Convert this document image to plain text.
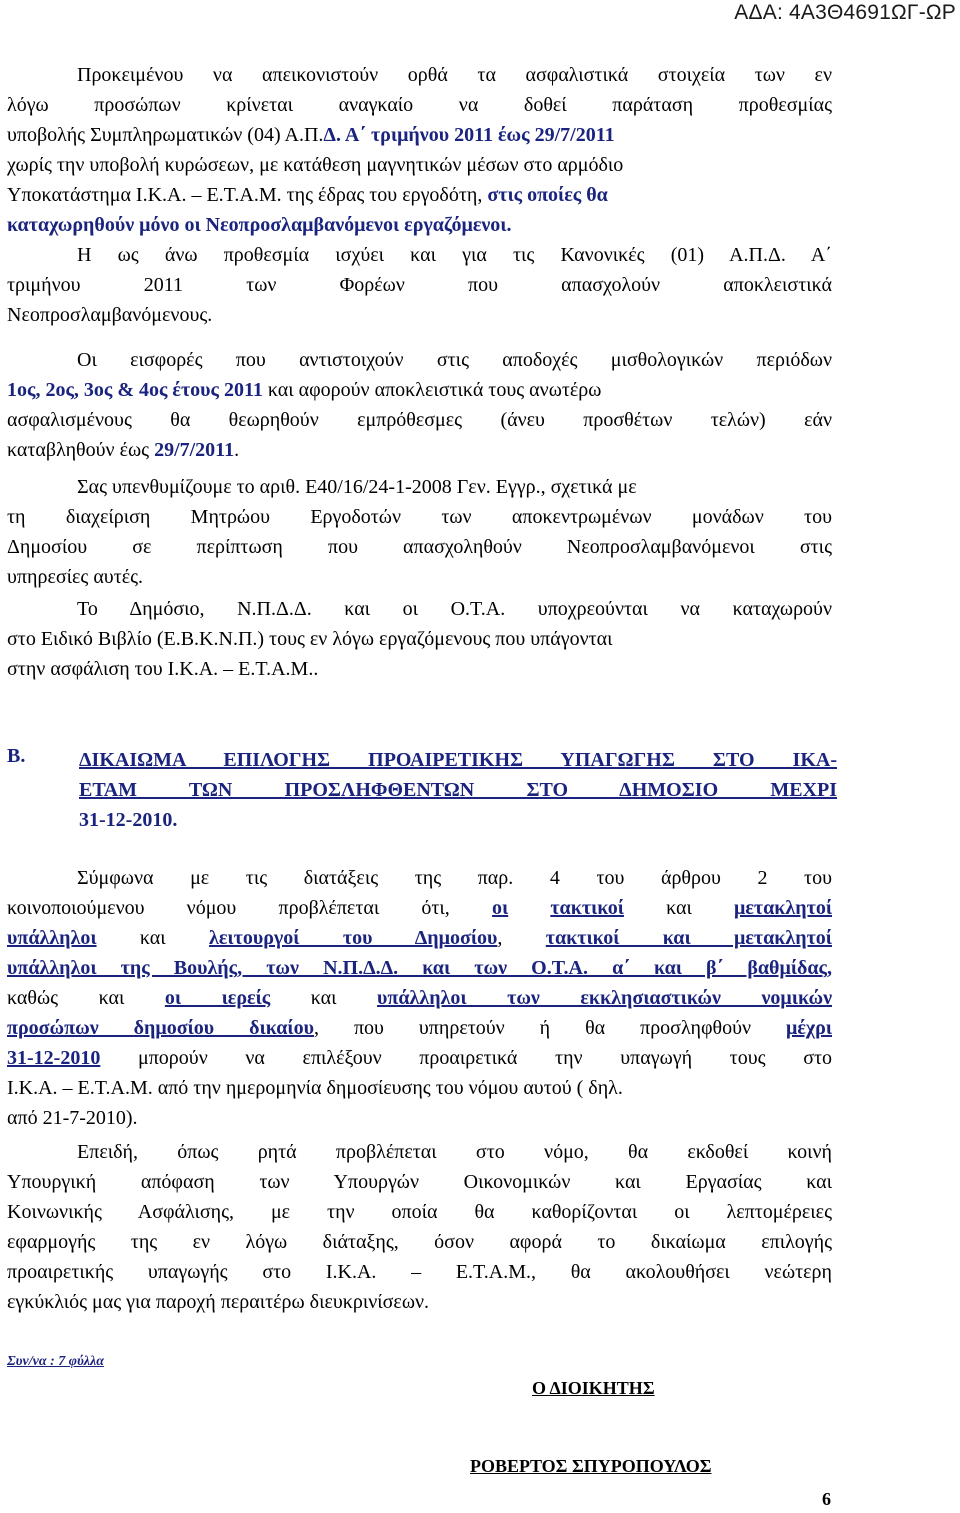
ΑΔΑ: 4Α3Θ4691ΩΓ-ΩΡ
Προκειμένου να απεικονιστούν ορθά τα ασφαλιστικά στοιχεία των εν
λόγω προσώπων κρίνεται αναγκαίο να δοθεί παράταση προθεσμίας
υποβολής Συμπληρωματικών (04) Α.Π.Δ. Α΄ τριμήνου 2011 έως 29/7/2011
χωρίς την υποβολή κυρώσεων, με κατάθεση μαγνητικών μέσων στο αρμόδιο
Υποκατάστημα Ι.Κ.Α. – Ε.Τ.Α.Μ. της έδρας του εργοδότη, στις οποίες θα
καταχωρηθούν μόνο οι Νεοπροσλαμβανόμενοι εργαζόμενοι.
Η ως άνω προθεσμία ισχύει και για τις Κανονικές (01) Α.Π.Δ. Α΄
τριμήνου 2011 των Φορέων που απασχολούν αποκλειστικά
Νεοπροσλαμβανόμενους.
Οι εισφορές που αντιστοιχούν στις αποδοχές μισθολογικών περιόδων
1ος, 2ος, 3ος & 4ος έτους 2011 και αφορούν αποκλειστικά τους ανωτέρω
ασφαλισμένους θα θεωρηθούν εμπρόθεσμες (άνευ προσθέτων τελών) εάν
καταβληθούν έως 29/7/2011.
Σας υπενθυμίζουμε το αριθ. Ε40/16/24-1-2008 Γεν. Εγγρ., σχετικά με
τη διαχείριση Μητρώου Εργοδοτών των αποκεντρωμένων μονάδων του
Δημοσίου σε περίπτωση που απασχοληθούν Νεοπροσλαμβανόμενοι στις
υπηρεσίες αυτές.
Το Δημόσιο, Ν.Π.Δ.Δ. και οι Ο.Τ.Α. υποχρεούνται να καταχωρούν
στο Ειδικό Βιβλίο (Ε.Β.Κ.Ν.Π.) τους εν λόγω εργαζόμενους που υπάγονται
στην ασφάλιση του Ι.Κ.Α. – Ε.Τ.Α.Μ..
Β.	ΔΙΚΑΙΩΜΑ ΕΠΙΛΟΓΗΣ ΠΡΟΑΙΡΕΤΙΚΗΣ ΥΠΑΓΩΓΗΣ ΣΤΟ ΙΚΑ-
ΕΤΑΜ ΤΩΝ ΠΡΟΣΛΗΦΘΕΝΤΩΝ ΣΤΟ ΔΗΜΟΣΙΟ ΜΕΧΡΙ
31-12-2010.
Σύμφωνα με τις διατάξεις της παρ. 4 του άρθρου 2 του
κοινοποιούμενου νόμου προβλέπεται ότι, οι τακτικοί και μετακλητοί
υπάλληλοι και λειτουργοί του Δημοσίου, τακτικοί και μετακλητοί
υπάλληλοι της Βουλής, των Ν.Π.Δ.Δ. και των Ο.Τ.Α. α΄ και β΄ βαθμίδας,
καθώς και οι ιερείς και υπάλληλοι των εκκλησιαστικών νομικών
προσώπων δημοσίου δικαίου, που υπηρετούν ή θα προσληφθούν μέχρι
31-12-2010 μπορούν να επιλέξουν προαιρετικά την υπαγωγή τους στο
Ι.Κ.Α. – Ε.Τ.Α.Μ. από την ημερομηνία δημοσίευσης του νόμου αυτού ( δηλ.
από 21-7-2010).
Επειδή, όπως ρητά προβλέπεται στο νόμο, θα εκδοθεί κοινή
Υπουργική απόφαση των Υπουργών Οικονομικών και Εργασίας και
Κοινωνικής Ασφάλισης, με την οποία θα καθορίζονται οι λεπτομέρειες
εφαρμογής της εν λόγω διάταξης, όσον αφορά το δικαίωμα επιλογής
προαιρετικής υπαγωγής στο Ι.Κ.Α. – Ε.Τ.Α.Μ., θα ακολουθήσει νεώτερη
εγκύκλιός μας για παροχή περαιτέρω διευκρινίσεων.
Συν/να : 7 φύλλα
Ο ΔΙΟΙΚΗΤΗΣ
ΡΟΒΕΡΤΟΣ ΣΠΥΡΟΠΟΥΛΟΣ
6
